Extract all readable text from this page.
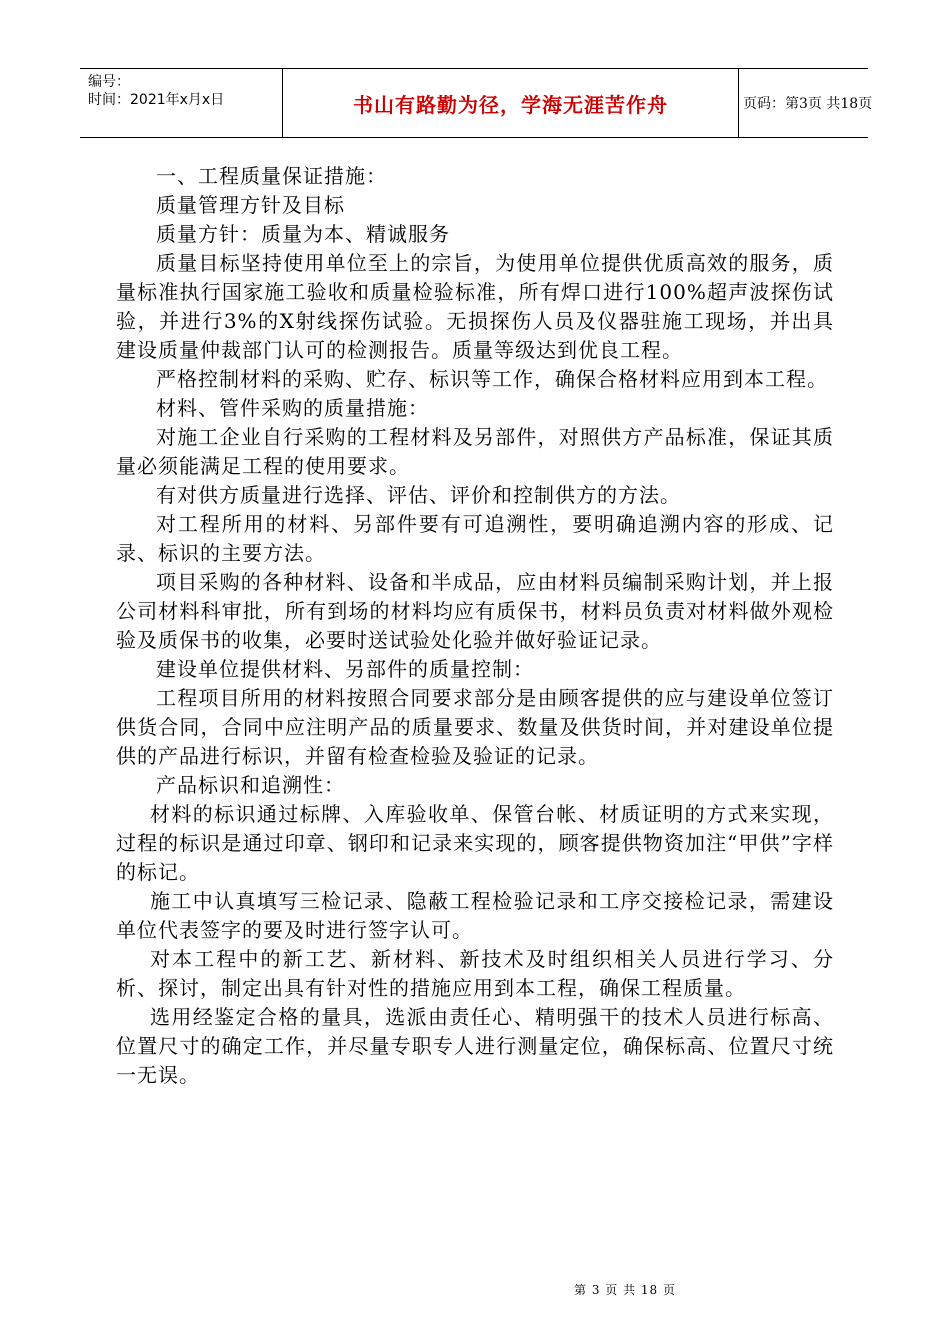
编号：
时间：2021年x月x日	书山有路勤为径，学海无涯苦作舟	页码：第3页 共18页

一、工程质量保证措施：

质量管理方针及目标

质量方针：质量为本、精诚服务

质量目标坚持使用单位至上的宗旨，为使用单位提供优质高效的服务，质量标准执行国家施工验收和质量检验标准，所有焊口进行100%超声波探伤试验，并进行3%的X射线探伤试验。无损探伤人员及仪器驻施工现场，并出具建设质量仲裁部门认可的检测报告。质量等级达到优良工程。

严格控制材料的采购、贮存、标识等工作，确保合格材料应用到本工程。

材料、管件采购的质量措施：

对施工企业自行采购的工程材料及另部件，对照供方产品标准，保证其质量必须能满足工程的使用要求。

有对供方质量进行选择、评估、评价和控制供方的方法。

对工程所用的材料、另部件要有可追溯性，要明确追溯内容的形成、记录、标识的主要方法。

项目采购的各种材料、设备和半成品，应由材料员编制采购计划，并上报公司材料科审批，所有到场的材料均应有质保书，材料员负责对材料做外观检验及质保书的收集，必要时送试验处化验并做好验证记录。

建设单位提供材料、另部件的质量控制：

工程项目所用的材料按照合同要求部分是由顾客提供的应与建设单位签订供货合同，合同中应注明产品的质量要求、数量及供货时间，并对建设单位提供的产品进行标识，并留有检查检验及验证的记录。

产品标识和追溯性：

材料的标识通过标牌、入库验收单、保管台帐、材质证明的方式来实现，过程的标识是通过印章、钢印和记录来实现的，顾客提供物资加注“甲供”字样的标记。

施工中认真填写三检记录、隐蔽工程检验记录和工序交接检记录，需建设单位代表签字的要及时进行签字认可。

对本工程中的新工艺、新材料、新技术及时组织相关人员进行学习、分析、探讨，制定出具有针对性的措施应用到本工程，确保工程质量。

选用经鉴定合格的量具，选派由责任心、精明强干的技术人员进行标高、位置尺寸的确定工作，并尽量专职专人进行测量定位，确保标高、位置尺寸统一无误。

第 3 页 共 18 页
